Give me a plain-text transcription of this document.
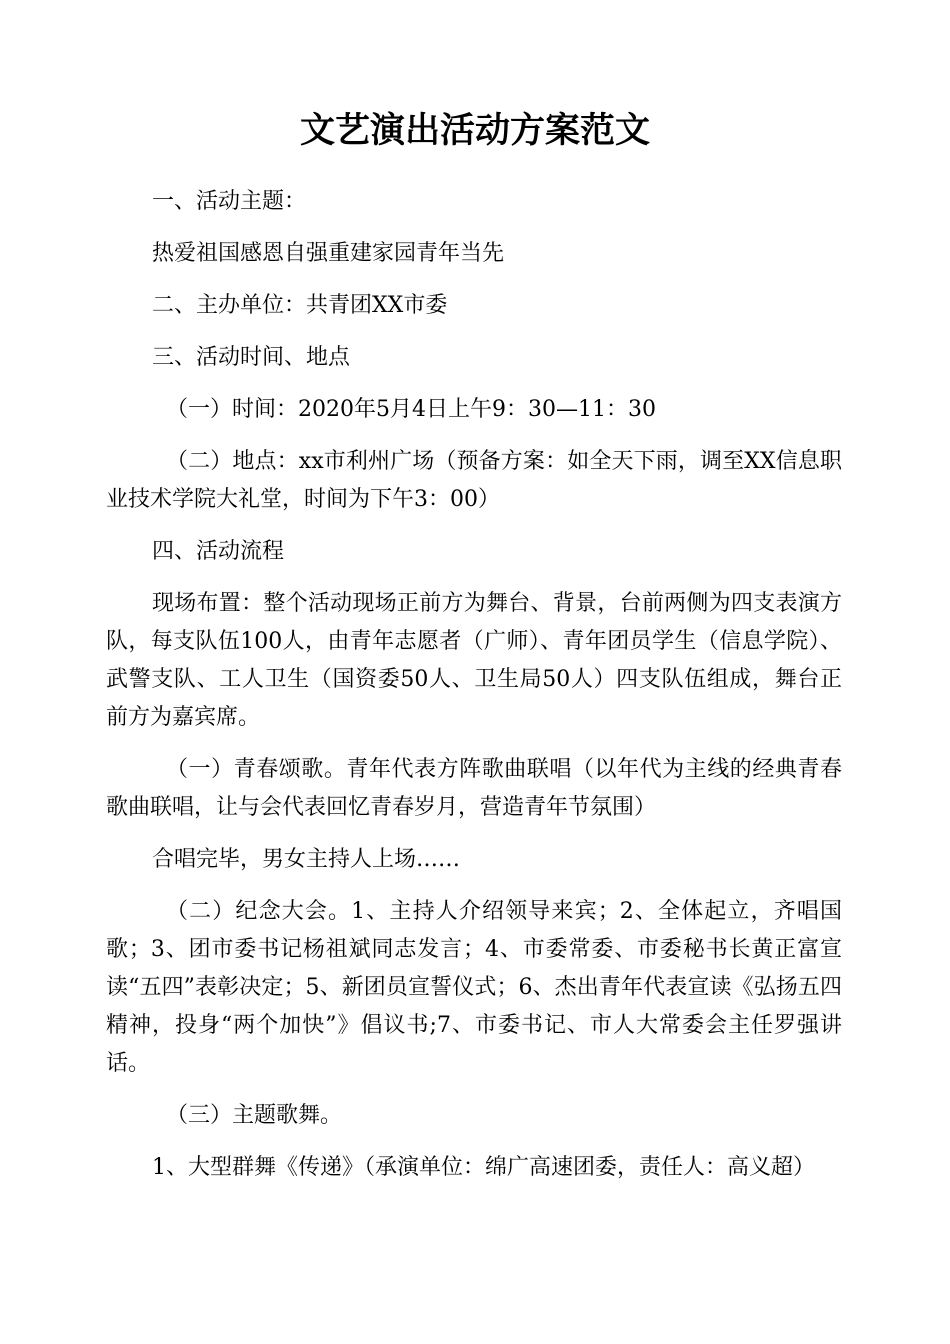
文艺演出活动方案范文

一、活动主题：

热爱祖国感恩自强重建家园青年当先

二、主办单位：共青团XX市委

三、活动时间、地点

（一）时间：2020年5月4日上午9：30—11：30

（二）地点：xx市利州广场（预备方案：如全天下雨，调至XX信息职业技术学院大礼堂，时间为下午3：00）

四、活动流程

现场布置：整个活动现场正前方为舞台、背景，台前两侧为四支表演方队，每支队伍100人，由青年志愿者（广师）、青年团员学生（信息学院）、武警支队、工人卫生（国资委50人、卫生局50人）四支队伍组成，舞台正前方为嘉宾席。

（一）青春颂歌。青年代表方阵歌曲联唱（以年代为主线的经典青春歌曲联唱，让与会代表回忆青春岁月，营造青年节氛围）

合唱完毕，男女主持人上场……

（二）纪念大会。1、主持人介绍领导来宾；2、全体起立，齐唱国歌；3、团市委书记杨祖斌同志发言；4、市委常委、市委秘书长黄正富宣读“五四”表彰决定；5、新团员宣誓仪式；6、杰出青年代表宣读《弘扬五四精神，投身“两个加快”》倡议书;7、市委书记、市人大常委会主任罗强讲话。

（三）主题歌舞。

1、大型群舞《传递》（承演单位：绵广高速团委，责任人：高义超）
